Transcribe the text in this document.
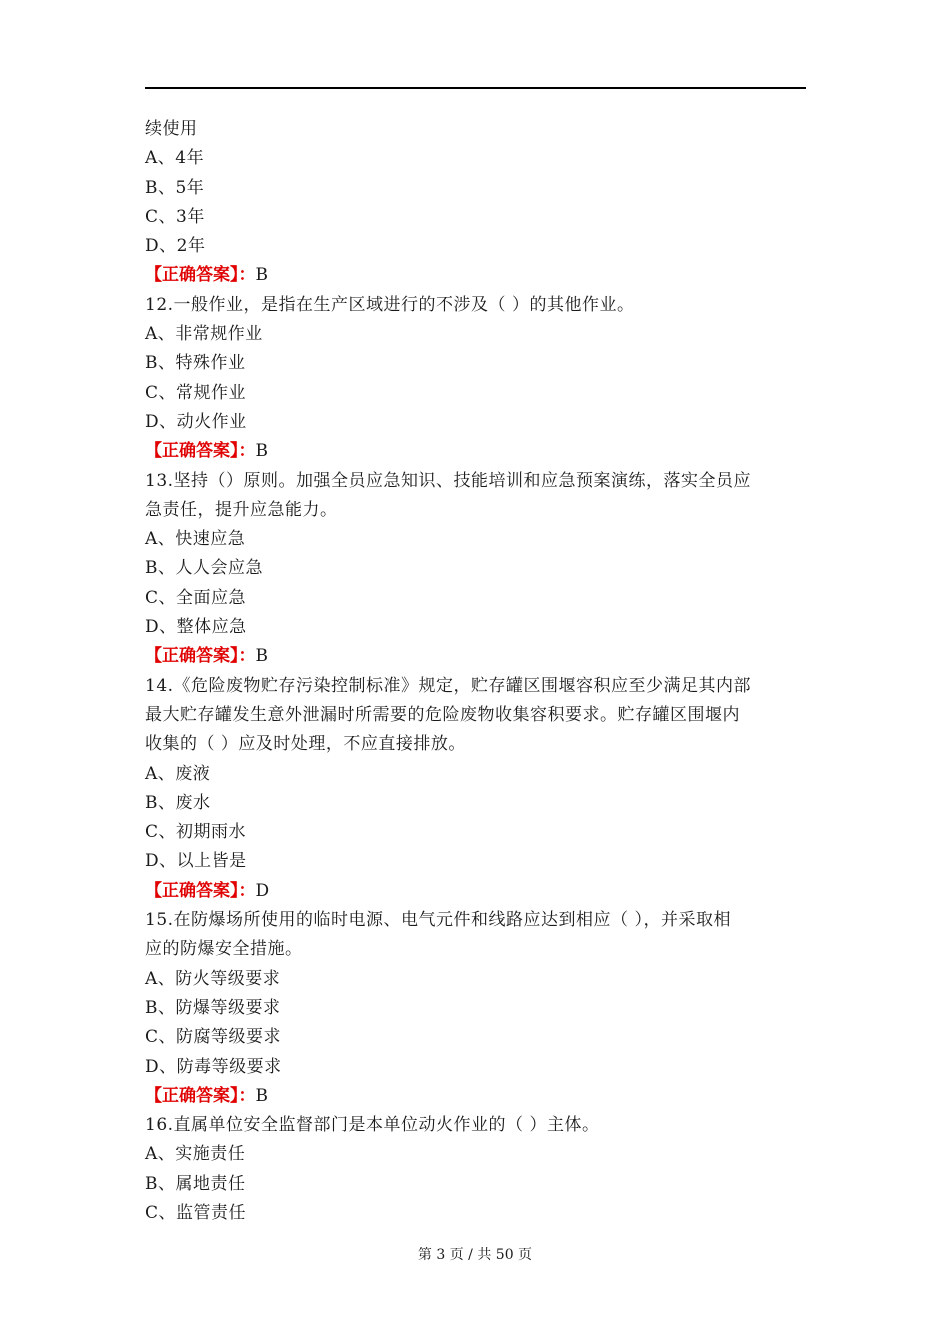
续使用
A、4年
B、5年
C、3年
D、2年
【正确答案】：B
12.一般作业，是指在生产区域进行的不涉及（ ）的其他作业。
A、非常规作业
B、特殊作业
C、常规作业
D、动火作业
【正确答案】：B
13.坚持（）原则。加强全员应急知识、技能培训和应急预案演练，落实全员应
急责任，提升应急能力。
A、快速应急
B、人人会应急
C、全面应急
D、整体应急
【正确答案】：B
14.《危险废物贮存污染控制标准》规定，贮存罐区围堰容积应至少满足其内部
最大贮存罐发生意外泄漏时所需要的危险废物收集容积要求。贮存罐区围堰内
收集的（ ）应及时处理，不应直接排放。
A、废液
B、废水
C、初期雨水
D、以上皆是
【正确答案】：D
15.在防爆场所使用的临时电源、电气元件和线路应达到相应（ ），并采取相
应的防爆安全措施。
A、防火等级要求
B、防爆等级要求
C、防腐等级要求
D、防毒等级要求
【正确答案】：B
16.直属单位安全监督部门是本单位动火作业的（ ）主体。
A、实施责任
B、属地责任
C、监管责任
第 3 页 / 共 50 页
